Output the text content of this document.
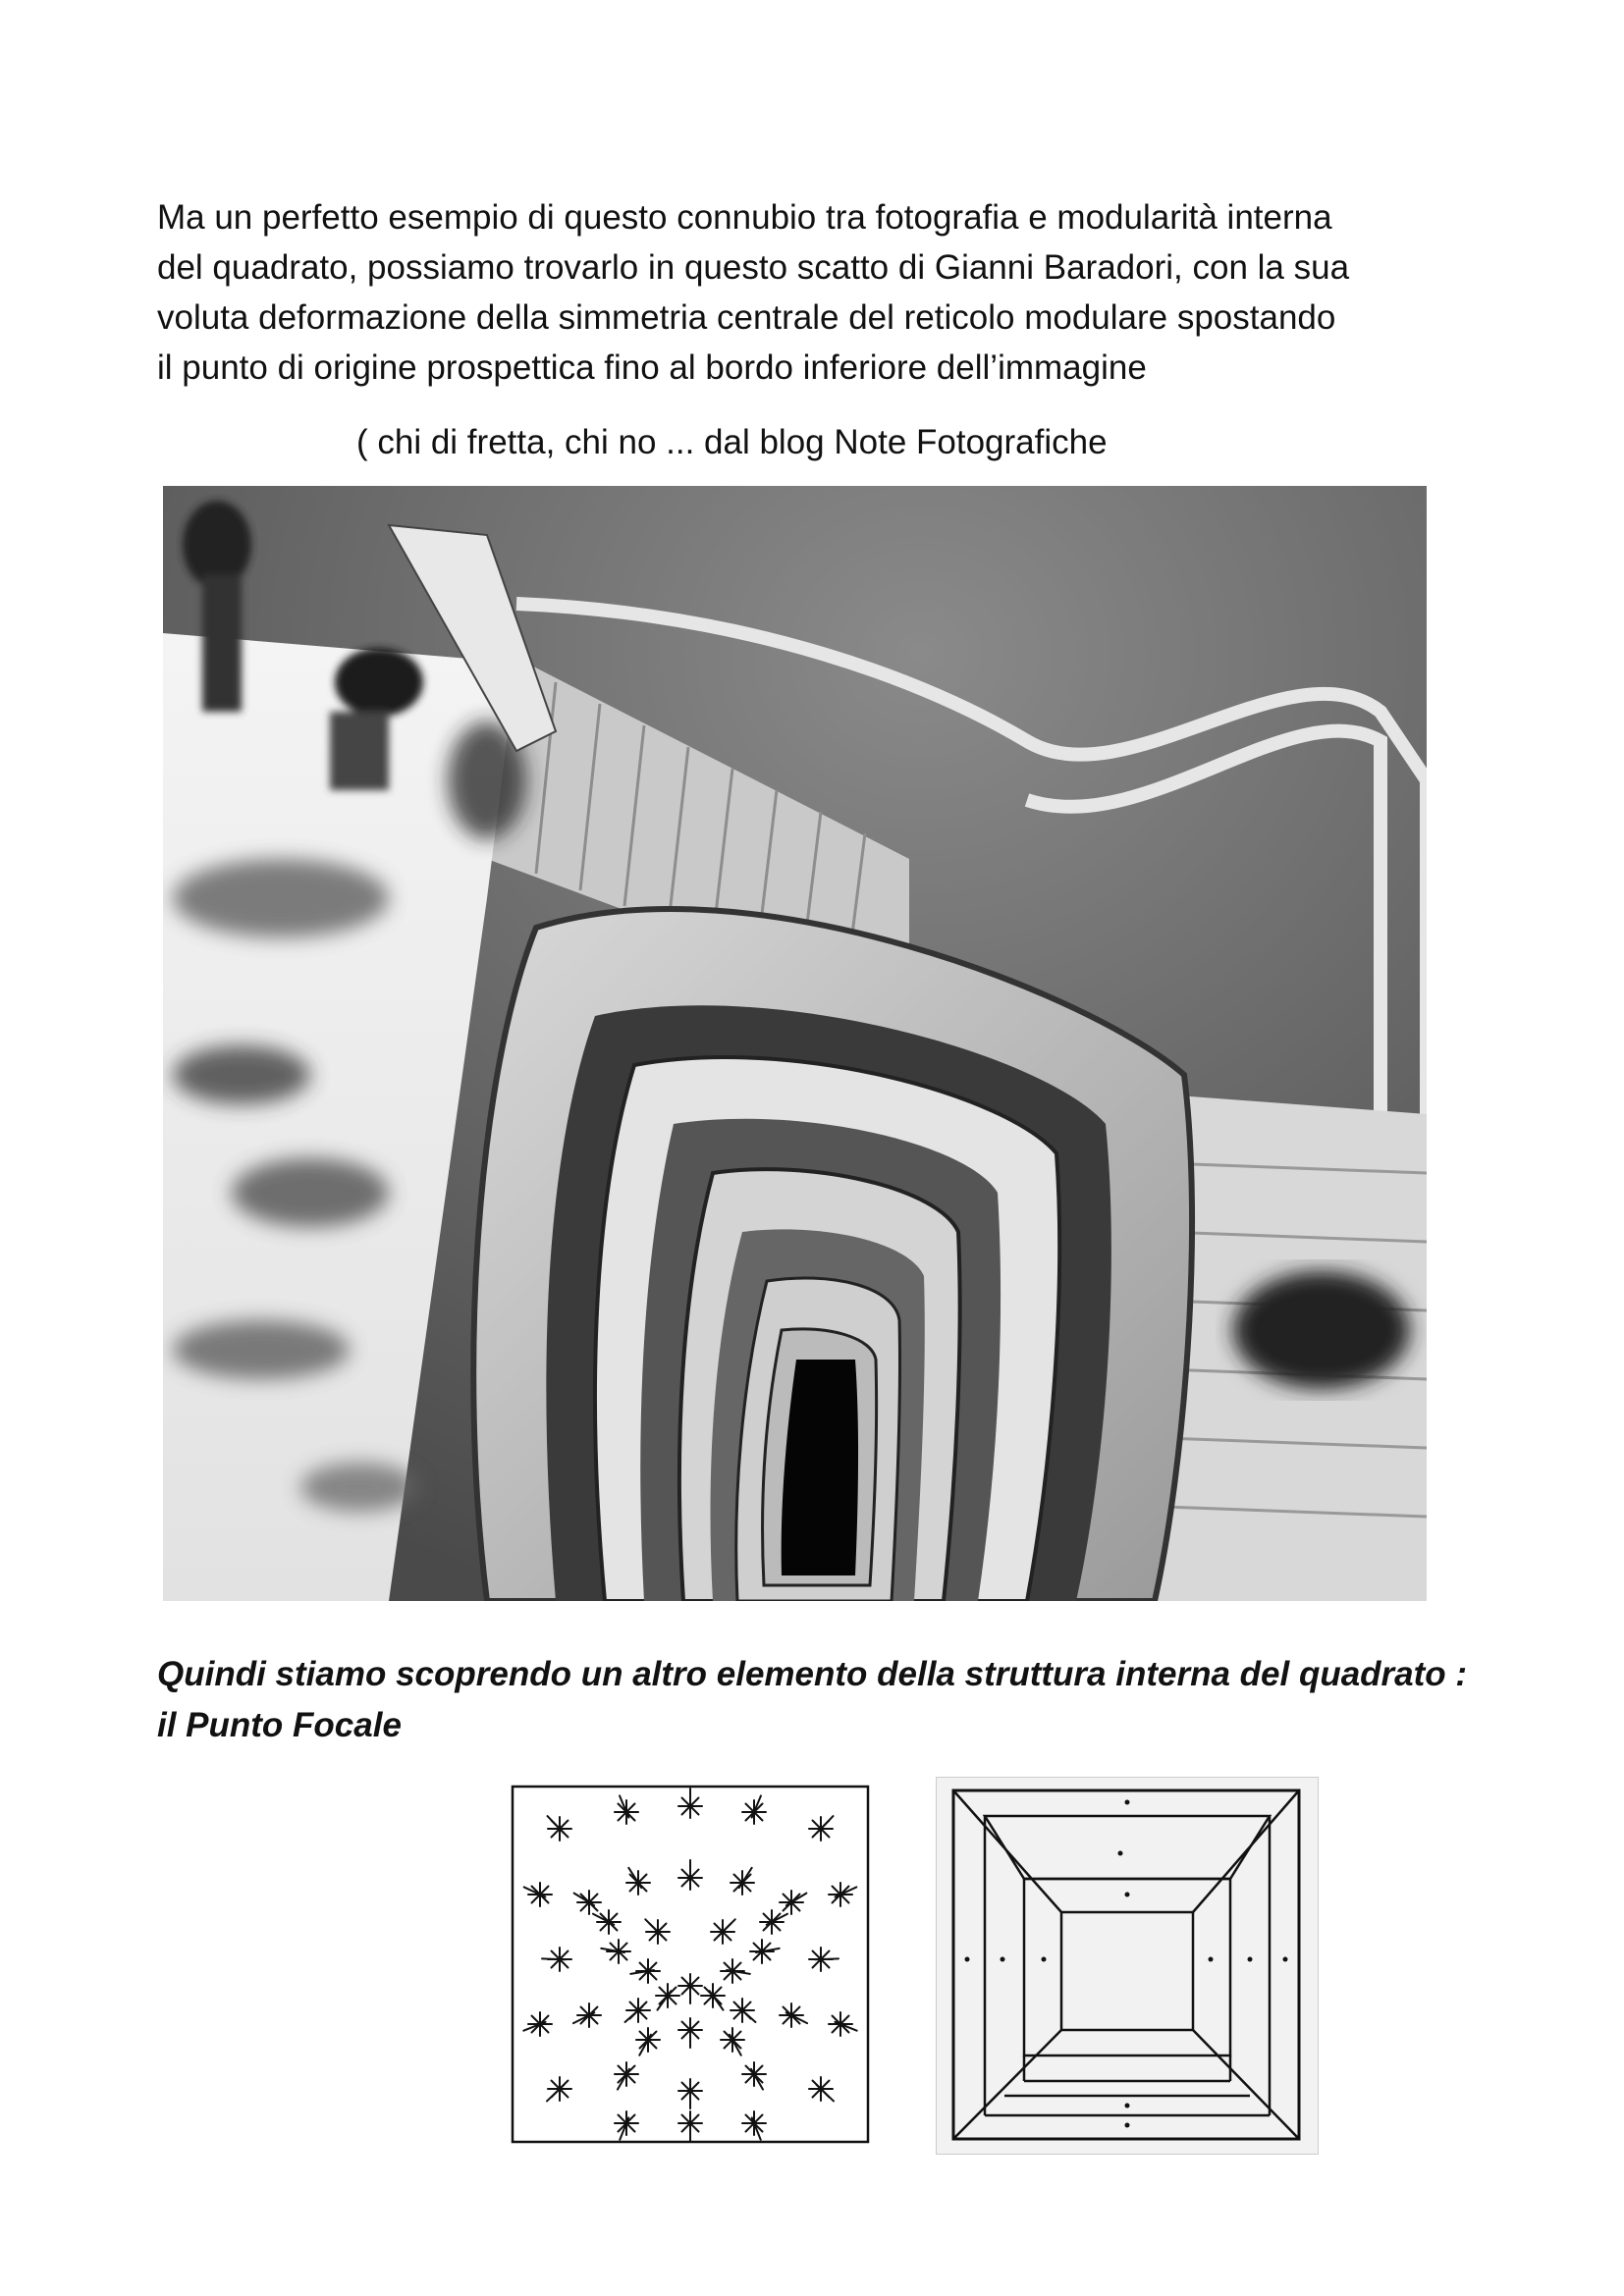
Ma un perfetto esempio di questo connubio tra fotografia e modularità interna
del quadrato, possiamo trovarlo in questo scatto di Gianni Baradori, con la sua
voluta deformazione della simmetria centrale del reticolo modulare spostando
il punto di origine prospettica fino al bordo inferiore dell’immagine

( chi di fretta, chi no ... dal blog Note Fotografiche

Quindi stiamo scoprendo un altro elemento della struttura interna del quadrato :
il Punto Focale
